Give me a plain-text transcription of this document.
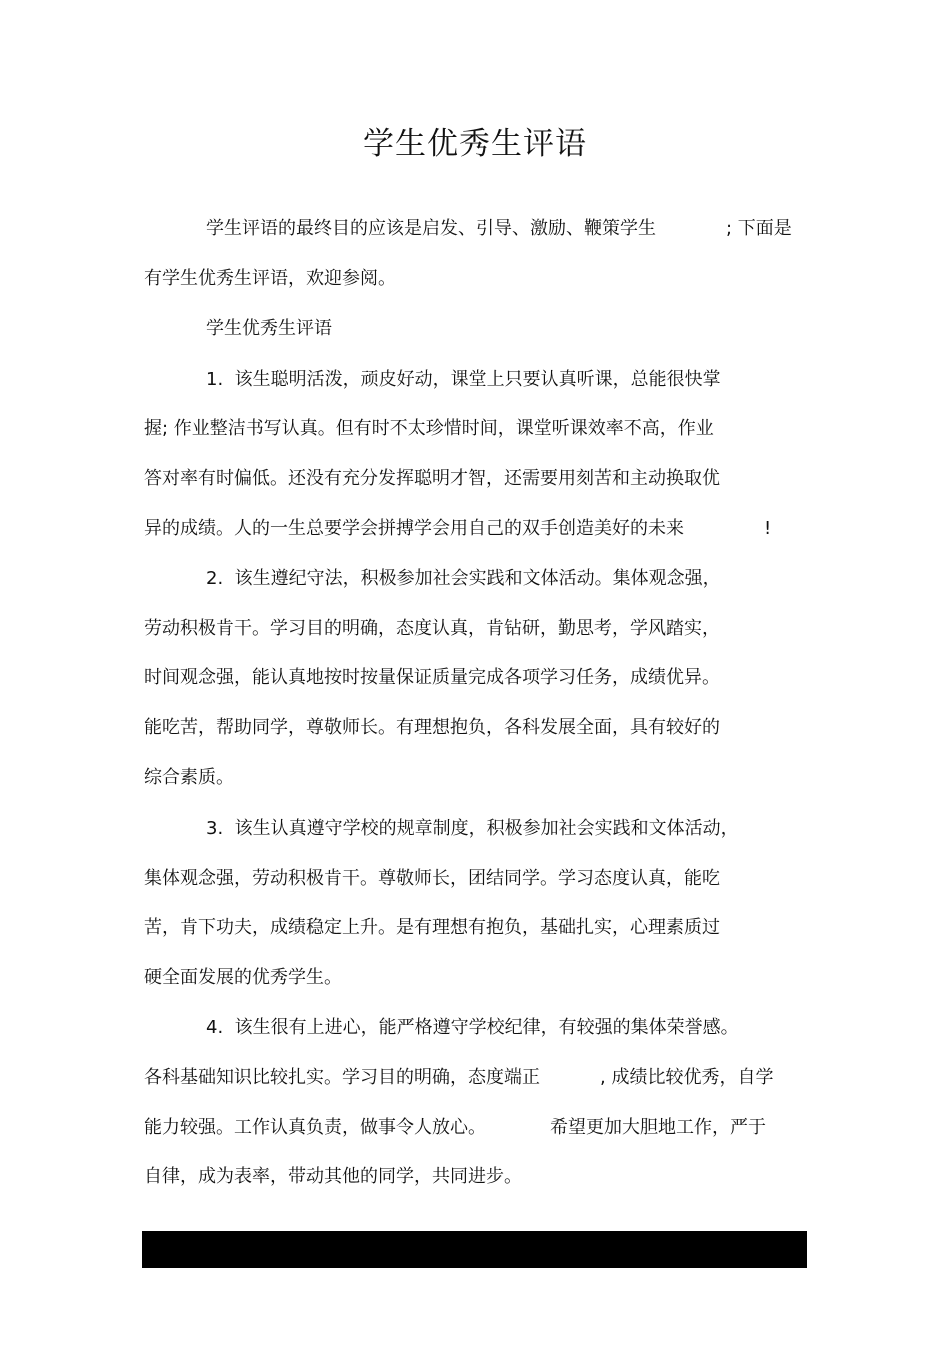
学生优秀生评语

学生评语的最终目的应该是启发、引导、激励、鞭策学生	; 下面是

有学生优秀生评语，欢迎参阅。

学生优秀生评语

1.  该生聪明活泼，顽皮好动，课堂上只要认真听课，总能很快掌

握; 作业整洁书写认真。但有时不太珍惜时间，课堂听课效率不高，作业

答对率有时偏低。还没有充分发挥聪明才智，还需要用刻苦和主动换取优

异的成绩。人的一生总要学会拼搏学会用自己的双手创造美好的未来	!

2.  该生遵纪守法，积极参加社会实践和文体活动。集体观念强，

劳动积极肯干。学习目的明确，态度认真，肯钻研，勤思考，学风踏实，

时间观念强，能认真地按时按量保证质量完成各项学习任务，成绩优异。

能吃苦，帮助同学，尊敬师长。有理想抱负，各科发展全面，具有较好的

综合素质。

3.  该生认真遵守学校的规章制度，积极参加社会实践和文体活动，

集体观念强，劳动积极肯干。尊敬师长，团结同学。学习态度认真，能吃

苦，肯下功夫，成绩稳定上升。是有理想有抱负，基础扎实，心理素质过

硬全面发展的优秀学生。

4.  该生很有上进心，能严格遵守学校纪律，有较强的集体荣誉感。

各科基础知识比较扎实。学习目的明确，态度端正	, 成绩比较优秀，自学

能力较强。工作认真负责，做事令人放心。	希望更加大胆地工作，严于

自律，成为表率，带动其他的同学，共同进步。
